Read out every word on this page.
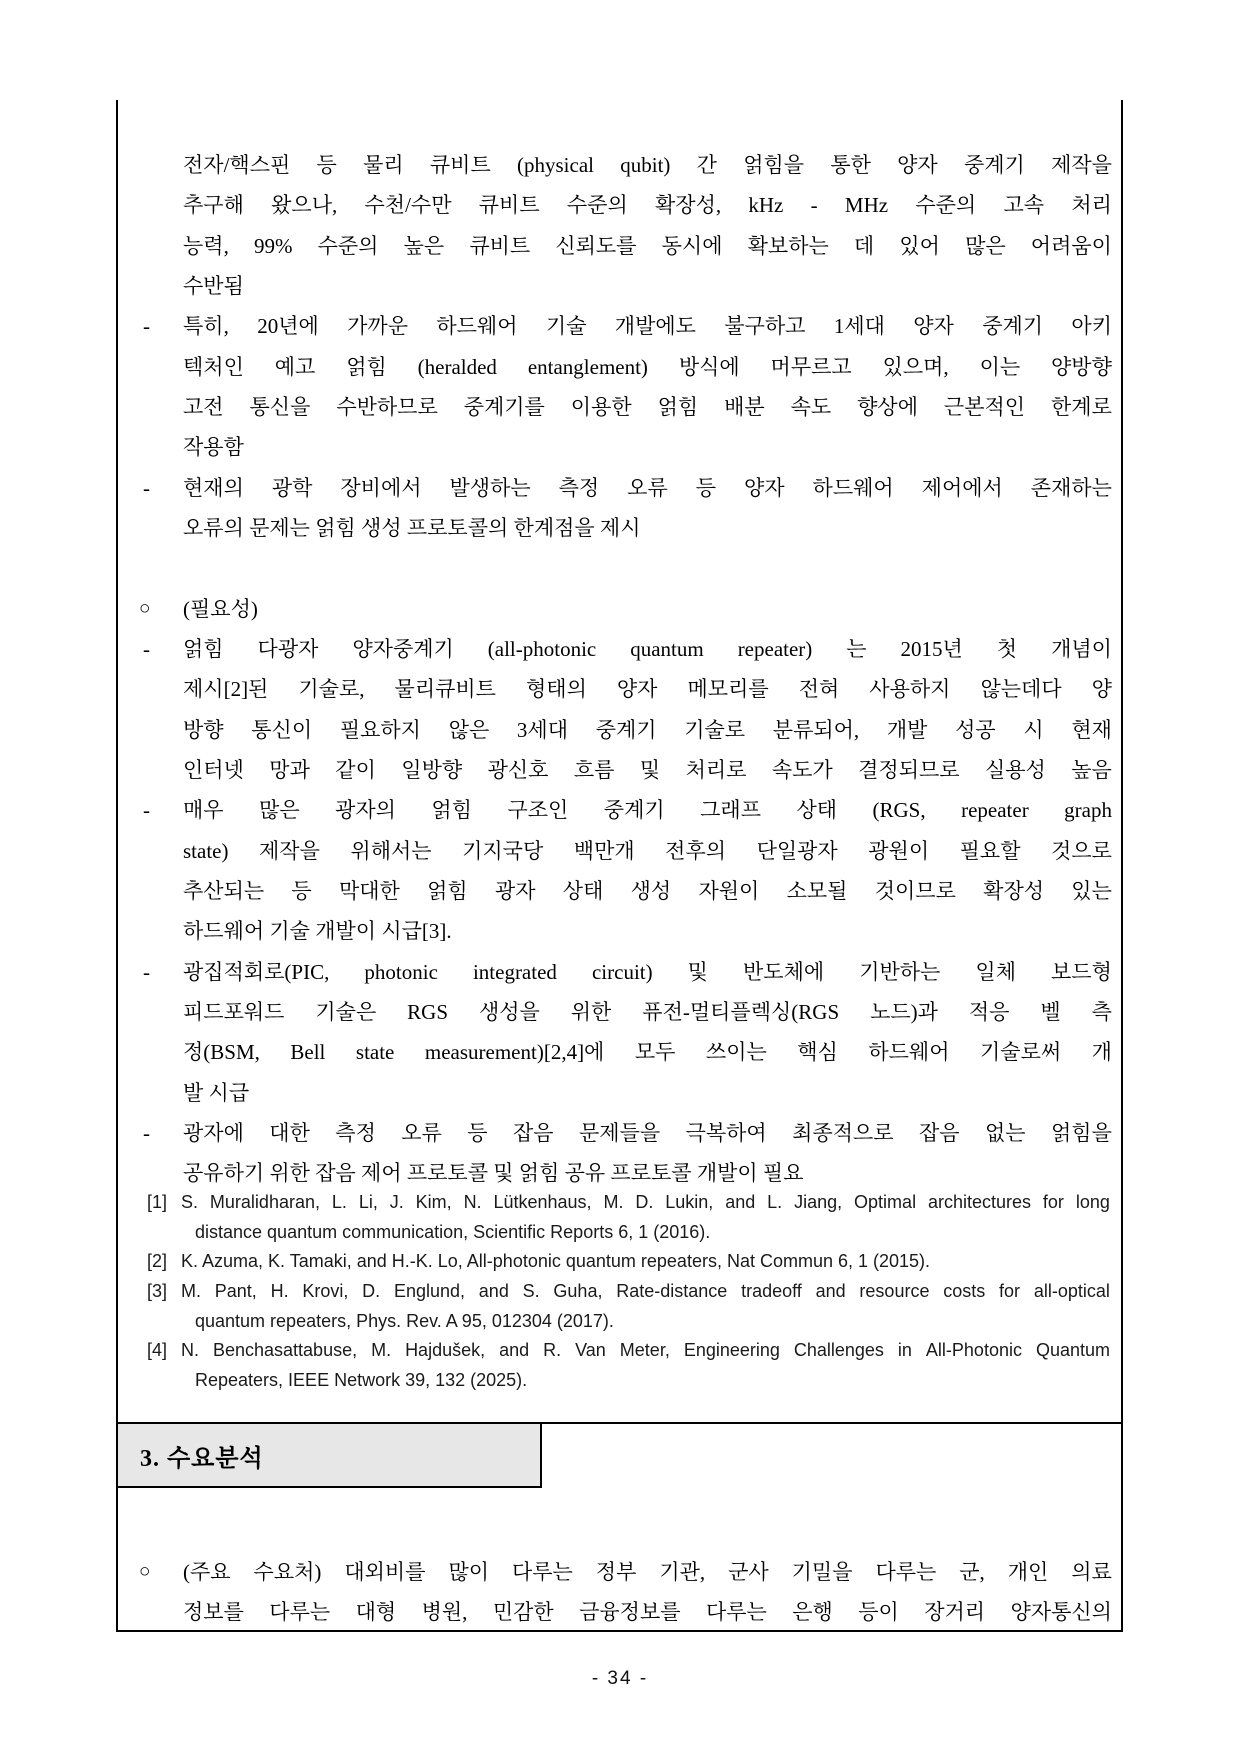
전자/핵스핀 등 물리 큐비트 (physical qubit) 간 얽힘을 통한 양자 중계기 제작을
추구해 왔으나, 수천/수만 큐비트 수준의 확장성, kHz - MHz 수준의 고속 처리
능력, 99% 수준의 높은 큐비트 신뢰도를 동시에 확보하는 데 있어 많은 어려움이
수반됨
- 특히, 20년에 가까운 하드웨어 기술 개발에도 불구하고 1세대 양자 중계기 아키
텍처인 예고 얽힘 (heralded entanglement) 방식에 머무르고 있으며, 이는 양방향
고전 통신을 수반하므로 중계기를 이용한 얽힘 배분 속도 향상에 근본적인 한계로
작용함
- 현재의 광학 장비에서 발생하는 측정 오류 등 양자 하드웨어 제어에서 존재하는
오류의 문제는 얽힘 생성 프로토콜의 한계점을 제시
○ (필요성)
- 얽힘 다광자 양자중계기 (all-photonic quantum repeater) 는 2015년 첫 개념이
제시[2]된 기술로, 물리큐비트 형태의 양자 메모리를 전혀 사용하지 않는데다 양
방향 통신이 필요하지 않은 3세대 중계기 기술로 분류되어, 개발 성공 시 현재
인터넷 망과 같이 일방향 광신호 흐름 및 처리로 속도가 결정되므로 실용성 높음
- 매우 많은 광자의 얽힘 구조인 중계기 그래프 상태 (RGS, repeater graph
state) 제작을 위해서는 기지국당 백만개 전후의 단일광자 광원이 필요할 것으로
추산되는 등 막대한 얽힘 광자 상태 생성 자원이 소모될 것이므로 확장성 있는
하드웨어 기술 개발이 시급[3].
- 광집적회로(PIC, photonic integrated circuit) 및 반도체에 기반하는 일체 보드형
피드포워드 기술은 RGS 생성을 위한 퓨전-멀티플렉싱(RGS 노드)과 적응 벨 측
정(BSM, Bell state measurement)[2,4]에 모두 쓰이는 핵심 하드웨어 기술로써 개
발 시급
- 광자에 대한 측정 오류 등 잡음 문제들을 극복하여 최종적으로 잡음 없는 얽힘을
공유하기 위한 잡음 제어 프로토콜 및 얽힘 공유 프로토콜 개발이 필요
[1] S. Muralidharan, L. Li, J. Kim, N. Lütkenhaus, M. D. Lukin, and L. Jiang, Optimal architectures for long
distance quantum communication, Scientific Reports 6, 1 (2016).
[2] K. Azuma, K. Tamaki, and H.-K. Lo, All-photonic quantum repeaters, Nat Commun 6, 1 (2015).
[3] M. Pant, H. Krovi, D. Englund, and S. Guha, Rate-distance tradeoff and resource costs for all-optical
quantum repeaters, Phys. Rev. A 95, 012304 (2017).
[4] N. Benchasattabuse, M. Hajdušek, and R. Van Meter, Engineering Challenges in All-Photonic Quantum
Repeaters, IEEE Network 39, 132 (2025).
3. 수요분석
○ (주요 수요처) 대외비를 많이 다루는 정부 기관, 군사 기밀을 다루는 군, 개인 의료
정보를 다루는 대형 병원, 민감한 금융정보를 다루는 은행 등이 장거리 양자통신의
- 34 -
